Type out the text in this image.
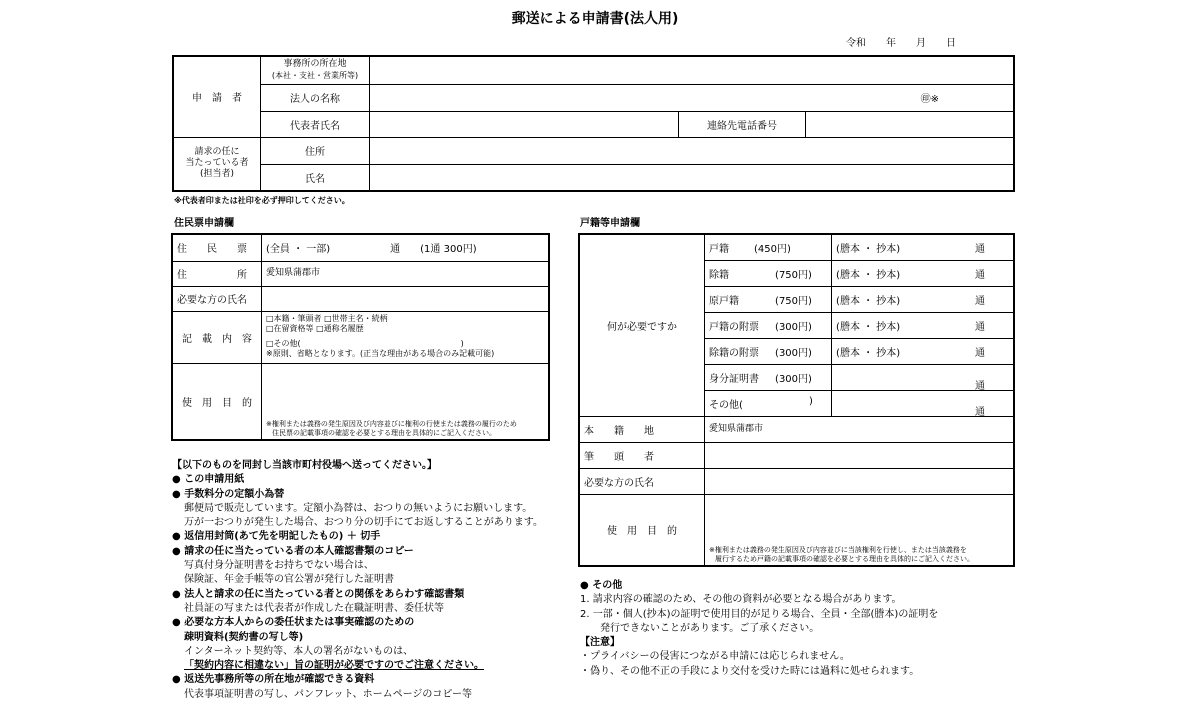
郵送による申請書(法人用)
令和　　年　　月　　日
申　請　者	事務所の所在地
(本社・支社・営業所等)			

	法人の名称	㊞※		
	代表者氏名		連絡先電話番号	

請求の任に
当たっている者
(担当者)	住所			
	氏名			
※代表者印または社印を必ず押印してください。
住民票申請欄
住　　民　　票	(全員 ・ 一部)　　　　　　通　　(1通 300円)
住　　　　　所	愛知県蒲郡市
必要な方の氏名	
記　載　内　容	□本籍・筆頭者 □世帯主名・続柄
□在留資格等 □通称名履歴
□その他(　　　　　　　　　　　　　　　　　　　　)
※原則、省略となります。(正当な理由がある場合のみ記載可能)

使　用　目　的	※権利または義務の発生原因及び内容並びに権利の行使または義務の履行のため
住民票の記載事項の確認を必要とする理由を具体的にご記入ください。
戸籍等申請欄
何が必要ですか	戸籍 (450円)	(謄本 ・ 抄本) 通

	除籍 (750円)	(謄本 ・ 抄本) 通

	原戸籍 (750円)	(謄本 ・ 抄本) 通

	戸籍の附票 (300円)	(謄本 ・ 抄本) 通

	除籍の附票 (300円)	(謄本 ・ 抄本) 通

	身分証明書 (300円)	通

	その他( )	通

本　　籍　　地	愛知県蒲郡市	
筆　　頭　　者		
必要な方の氏名		
使　用　目　的	※権利または義務の発生原因及び内容並びに当該権利を行使し、または当該義務を
履行するため戸籍の記載事項の確認を必要とする理由を具体的にご記入ください。	
【以下のものを同封し当該市町村役場へ送ってください。】
● この申請用紙
● 手数料分の定額小為替
郵便局で販売しています。定額小為替は、おつりの無いようにお願いします。
万が一おつりが発生した場合、おつり分の切手にてお返しすることがあります。
● 返信用封筒(あて先を明記したもの) ＋ 切手
● 請求の任に当たっている者の本人確認書類のコピー
写真付身分証明書をお持ちでない場合は、
保険証、年金手帳等の官公署が発行した証明書
● 法人と請求の任に当たっている者との関係をあらわす確認書類
社員証の写または代表者が作成した在職証明書、委任状等
● 必要な方本人からの委任状または事実確認のための
疎明資料(契約書の写し等)
インターネット契約等、本人の署名がないものは、
「契約内容に相違ない」旨の証明が必要ですのでご注意ください。
● 返送先事務所等の所在地が確認できる資料
代表事項証明書の写し、パンフレット、ホームページのコピー等
● その他
1. 請求内容の確認のため、その他の資料が必要となる場合があります。
2. 一部・個人(抄本)の証明で使用目的が足りる場合、全員・全部(謄本)の証明を
発行できないことがあります。ご了承ください。
【注意】
・プライバシーの侵害につながる申請には応じられません。
・偽り、その他不正の手段により交付を受けた時には過料に処せられます。
